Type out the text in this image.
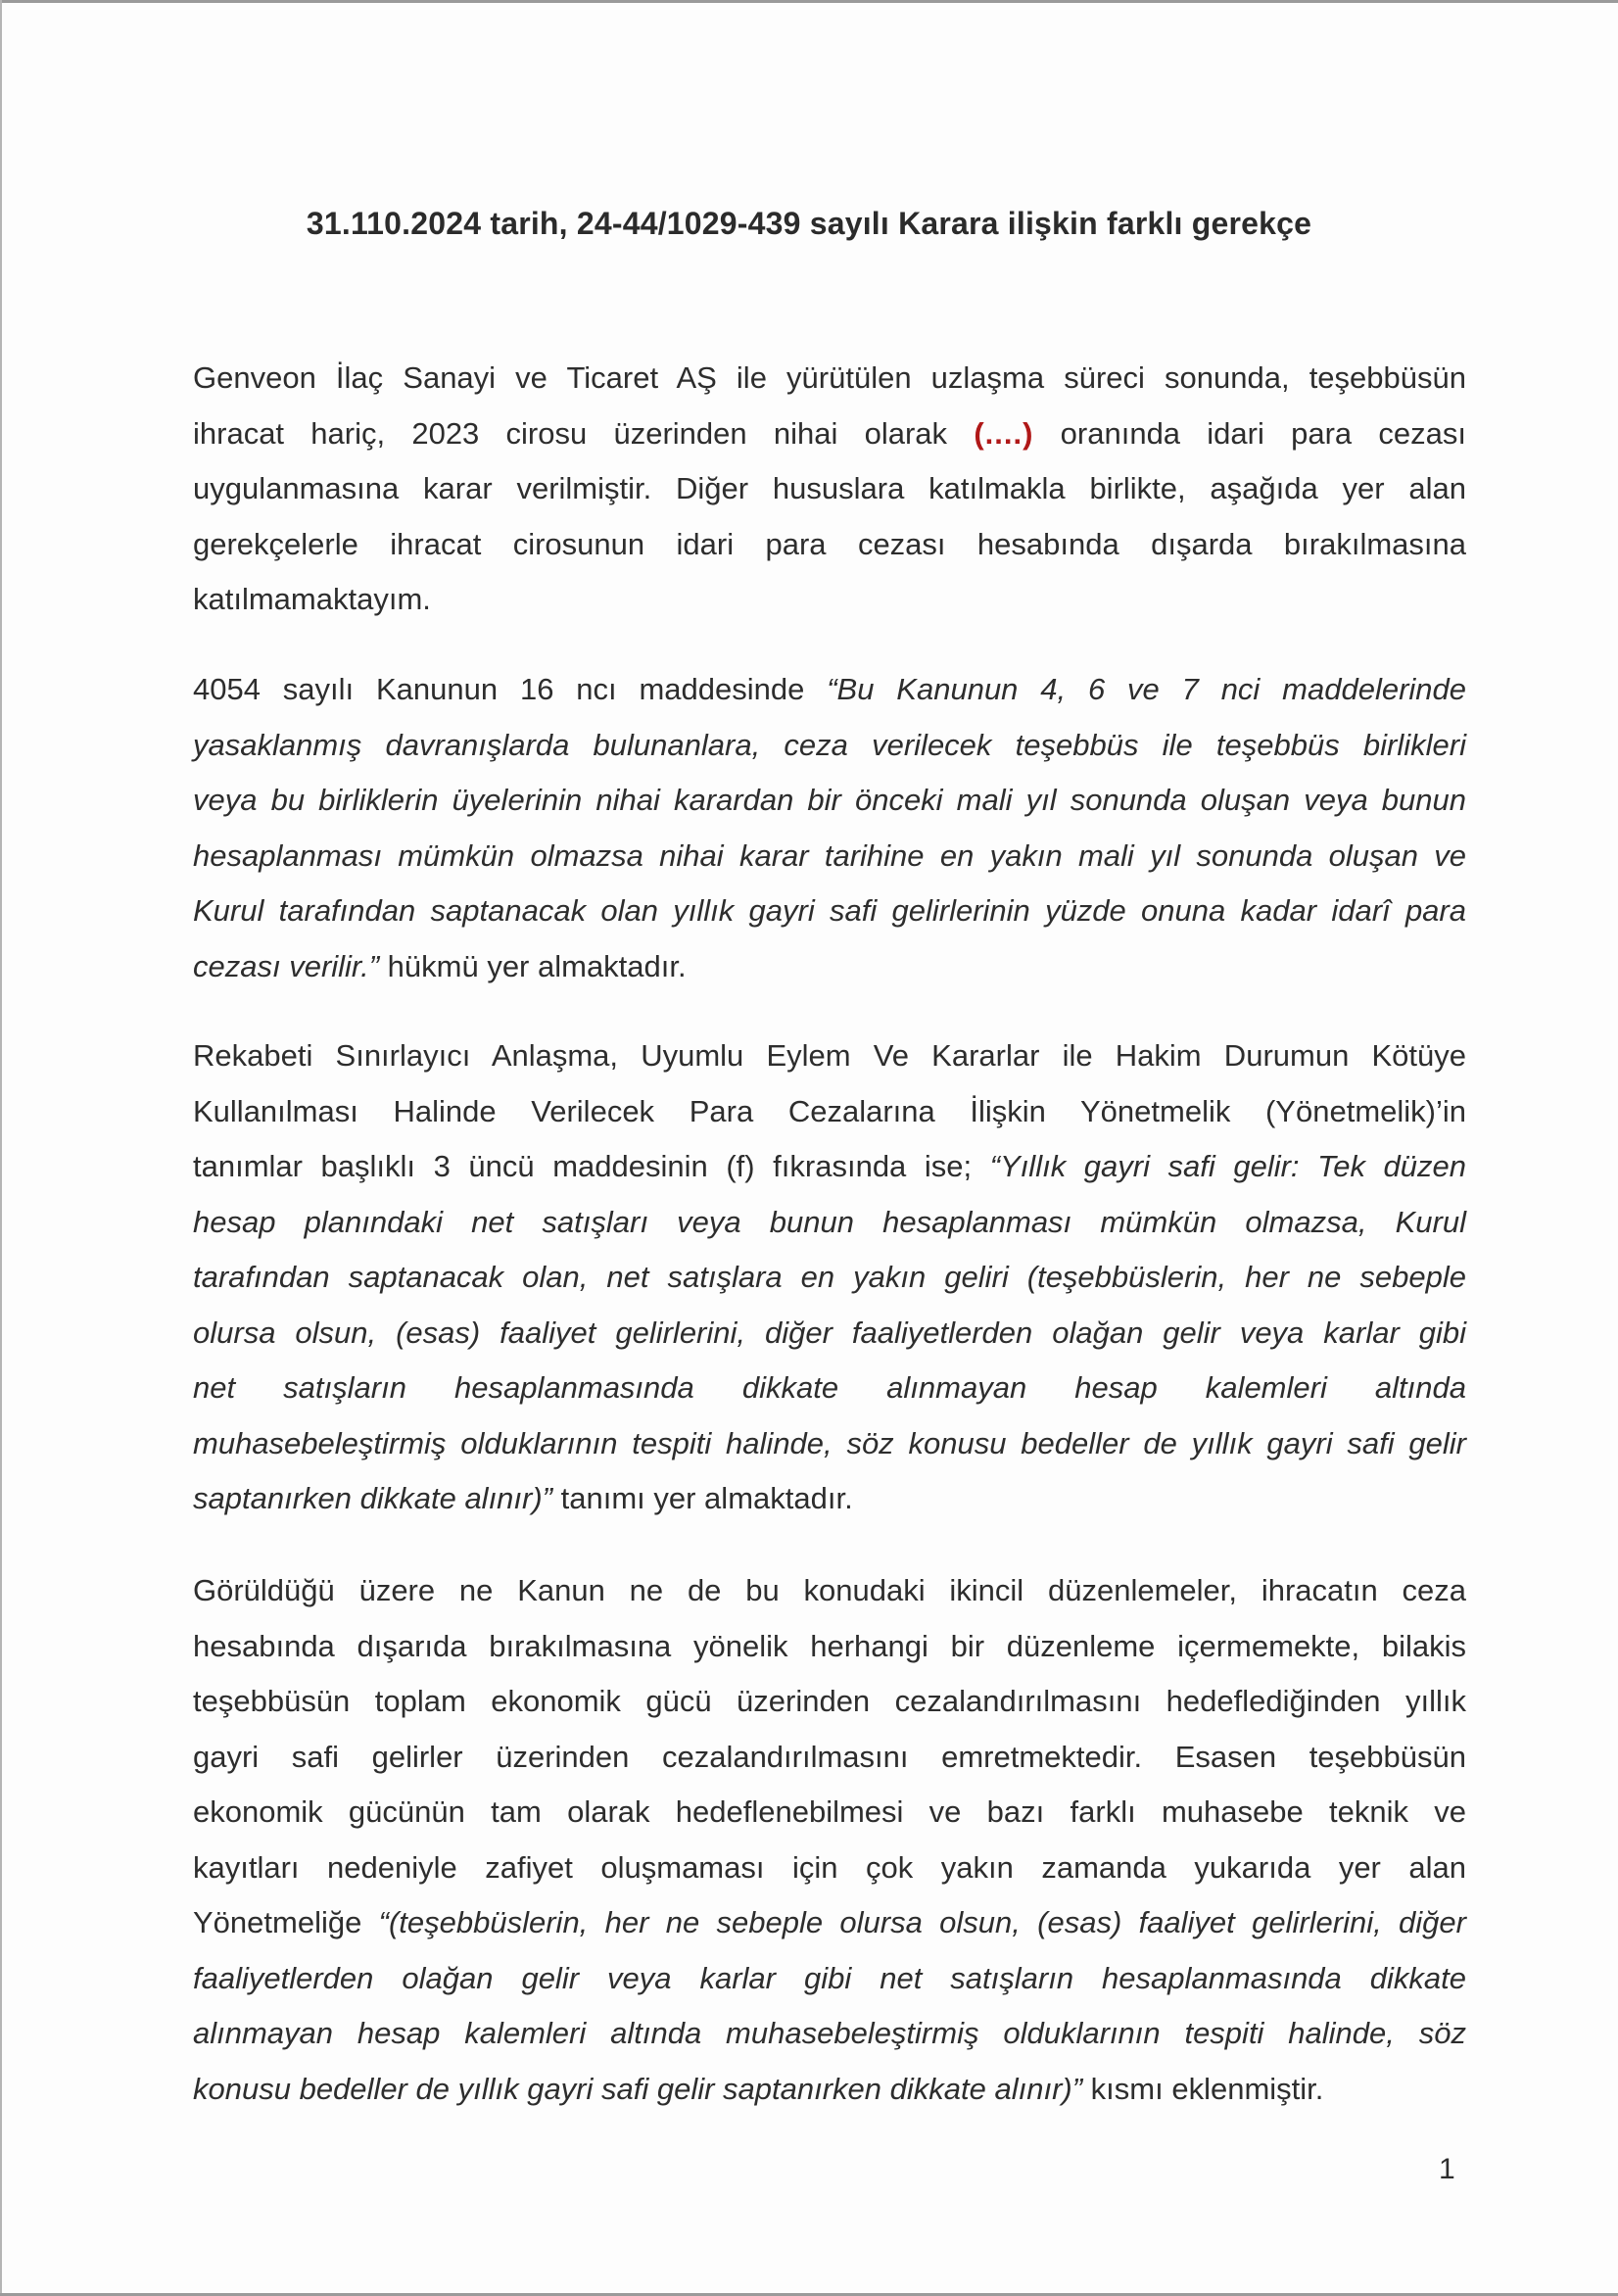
31.110.2024 tarih, 24-44/1029-439 sayılı Karara ilişkin farklı gerekçe
Genveon İlaç Sanayi ve Ticaret AŞ ile yürütülen uzlaşma süreci sonunda, teşebbüsün
ihracat hariç, 2023 cirosu üzerinden nihai olarak (....) oranında idari para cezası
uygulanmasına karar verilmiştir. Diğer hususlara katılmakla birlikte, aşağıda yer alan
gerekçelerle ihracat cirosunun idari para cezası hesabında dışarda bırakılmasına
katılmamaktayım.
4054 sayılı Kanunun 16 ncı maddesinde “Bu Kanunun 4, 6 ve 7 nci maddelerinde
yasaklanmış davranışlarda bulunanlara, ceza verilecek teşebbüs ile teşebbüs birlikleri
veya bu birliklerin üyelerinin nihai karardan bir önceki mali yıl sonunda oluşan veya bunun
hesaplanması mümkün olmazsa nihai karar tarihine en yakın mali yıl sonunda oluşan ve
Kurul tarafından saptanacak olan yıllık gayri safi gelirlerinin yüzde onuna kadar idarî para
cezası verilir.” hükmü yer almaktadır.
Rekabeti Sınırlayıcı Anlaşma, Uyumlu Eylem Ve Kararlar ile Hakim Durumun Kötüye
Kullanılması Halinde Verilecek Para Cezalarına İlişkin Yönetmelik (Yönetmelik)’in
tanımlar başlıklı 3 üncü maddesinin (f) fıkrasında ise; “Yıllık gayri safi gelir: Tek düzen
hesap planındaki net satışları veya bunun hesaplanması mümkün olmazsa, Kurul
tarafından saptanacak olan, net satışlara en yakın geliri (teşebbüslerin, her ne sebeple
olursa olsun, (esas) faaliyet gelirlerini, diğer faaliyetlerden olağan gelir veya karlar gibi
net satışların hesaplanmasında dikkate alınmayan hesap kalemleri altında
muhasebeleştirmiş olduklarının tespiti halinde, söz konusu bedeller de yıllık gayri safi gelir
saptanırken dikkate alınır)” tanımı yer almaktadır.
Görüldüğü üzere ne Kanun ne de bu konudaki ikincil düzenlemeler, ihracatın ceza
hesabında dışarıda bırakılmasına yönelik herhangi bir düzenleme içermemekte, bilakis
teşebbüsün toplam ekonomik gücü üzerinden cezalandırılmasını hedeflediğinden yıllık
gayri safi gelirler üzerinden cezalandırılmasını emretmektedir. Esasen teşebbüsün
ekonomik gücünün tam olarak hedeflenebilmesi ve bazı farklı muhasebe teknik ve
kayıtları nedeniyle zafiyet oluşmaması için çok yakın zamanda yukarıda yer alan
Yönetmeliğe “(teşebbüslerin, her ne sebeple olursa olsun, (esas) faaliyet gelirlerini, diğer
faaliyetlerden olağan gelir veya karlar gibi net satışların hesaplanmasında dikkate
alınmayan hesap kalemleri altında muhasebeleştirmiş olduklarının tespiti halinde, söz
konusu bedeller de yıllık gayri safi gelir saptanırken dikkate alınır)” kısmı eklenmiştir.
1
